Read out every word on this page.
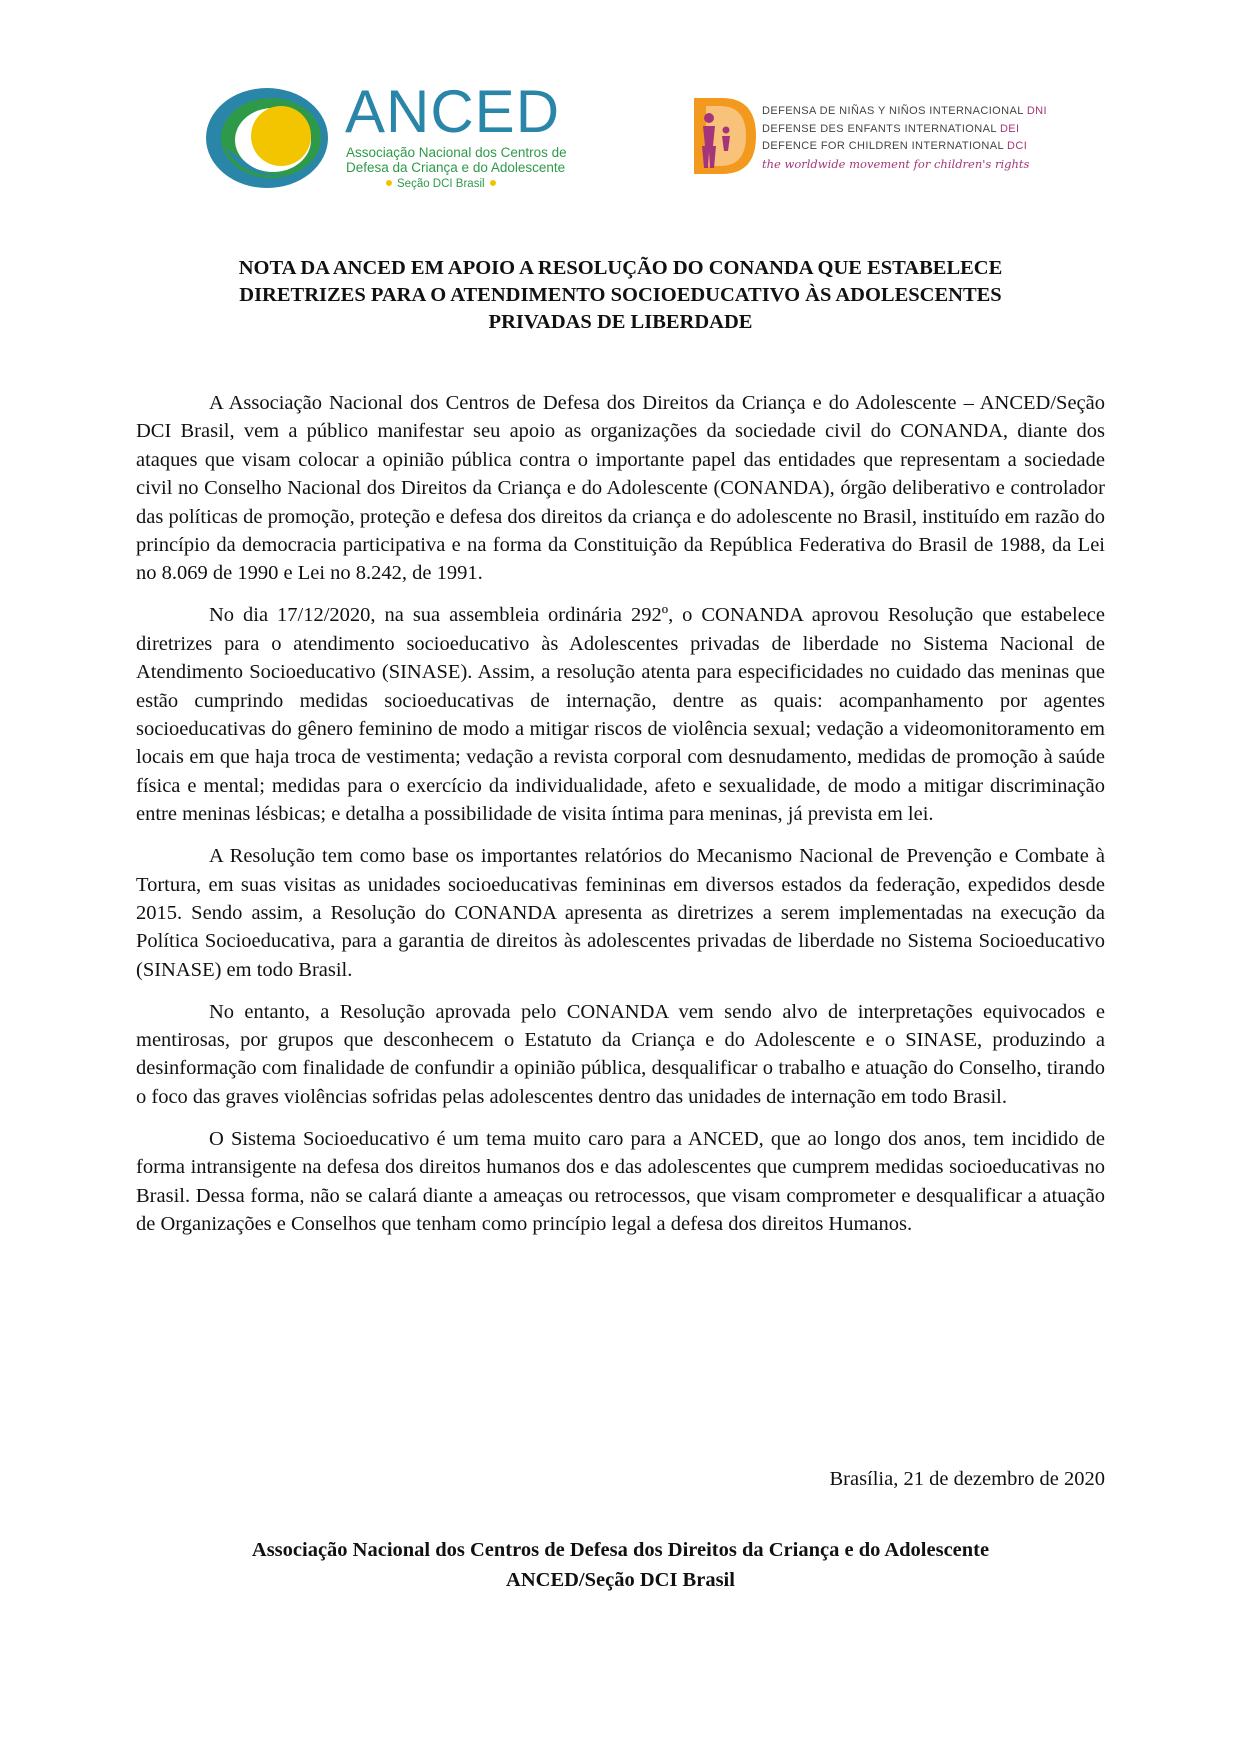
ANCED
Associação Nacional dos Centros de
Defesa da Criança e do Adolescente
Seção DCI Brasil
DEFENSA DE NIÑAS Y NIÑOS INTERNACIONAL DNI
DEFENSE DES ENFANTS INTERNATIONAL DEI
DEFENCE FOR CHILDREN INTERNATIONAL DCI
the worldwide movement for children's rights
NOTA DA ANCED EM APOIO A RESOLUÇÃO DO CONANDA QUE ESTABELECE
DIRETRIZES PARA O ATENDIMENTO SOCIOEDUCATIVO ÀS ADOLESCENTES
PRIVADAS DE LIBERDADE

A Associação Nacional dos Centros de Defesa dos Direitos da Criança e do Adolescente – ANCED/Seção DCI Brasil, vem a público manifestar seu apoio as organizações da sociedade civil do CONANDA, diante dos ataques que visam colocar a opinião pública contra o importante papel das entidades que representam a sociedade civil no Conselho Nacional dos Direitos da Criança e do Adolescente (CONANDA), órgão deliberativo e controlador das políticas de promoção, proteção e defesa dos direitos da criança e do adolescente no Brasil, instituído em razão do princípio da democracia participativa e na forma da Constituição da República Federativa do Brasil de 1988, da Lei no 8.069 de 1990 e Lei no 8.242, de 1991.

No dia 17/12/2020, na sua assembleia ordinária 292º, o CONANDA aprovou Resolução que estabelece diretrizes para o atendimento socioeducativo às Adolescentes privadas de liberdade no Sistema Nacional de Atendimento Socioeducativo (SINASE). Assim, a resolução atenta para especificidades no cuidado das meninas que estão cumprindo medidas socioeducativas de internação, dentre as quais: acompanhamento por agentes socioeducativas do gênero feminino de modo a mitigar riscos de violência sexual; vedação a videomonitoramento em locais em que haja troca de vestimenta; vedação a revista corporal com desnudamento, medidas de promoção à saúde física e mental; medidas para o exercício da individualidade, afeto e sexualidade, de modo a mitigar discriminação entre meninas lésbicas; e detalha a possibilidade de visita íntima para meninas, já prevista em lei.

A Resolução tem como base os importantes relatórios do Mecanismo Nacional de Prevenção e Combate à Tortura, em suas visitas as unidades socioeducativas femininas em diversos estados da federação, expedidos desde 2015. Sendo assim, a Resolução do CONANDA apresenta as diretrizes a serem implementadas na execução da Política Socioeducativa, para a garantia de direitos às adolescentes privadas de liberdade no Sistema Socioeducativo (SINASE) em todo Brasil.

No entanto, a Resolução aprovada pelo CONANDA vem sendo alvo de interpretações equivocados e mentirosas, por grupos que desconhecem o Estatuto da Criança e do Adolescente e o SINASE, produzindo a desinformação com finalidade de confundir a opinião pública, desqualificar o trabalho e atuação do Conselho, tirando o foco das graves violências sofridas pelas adolescentes dentro das unidades de internação em todo Brasil.

O Sistema Socioeducativo é um tema muito caro para a ANCED, que ao longo dos anos, tem incidido de forma intransigente na defesa dos direitos humanos dos e das adolescentes que cumprem medidas socioeducativas no Brasil. Dessa forma, não se calará diante a ameaças ou retrocessos, que visam comprometer e desqualificar a atuação de Organizações e Conselhos que tenham como princípio legal a defesa dos direitos Humanos.

Brasília, 21 de dezembro de 2020
Associação Nacional dos Centros de Defesa dos Direitos da Criança e do Adolescente
ANCED/Seção DCI Brasil
